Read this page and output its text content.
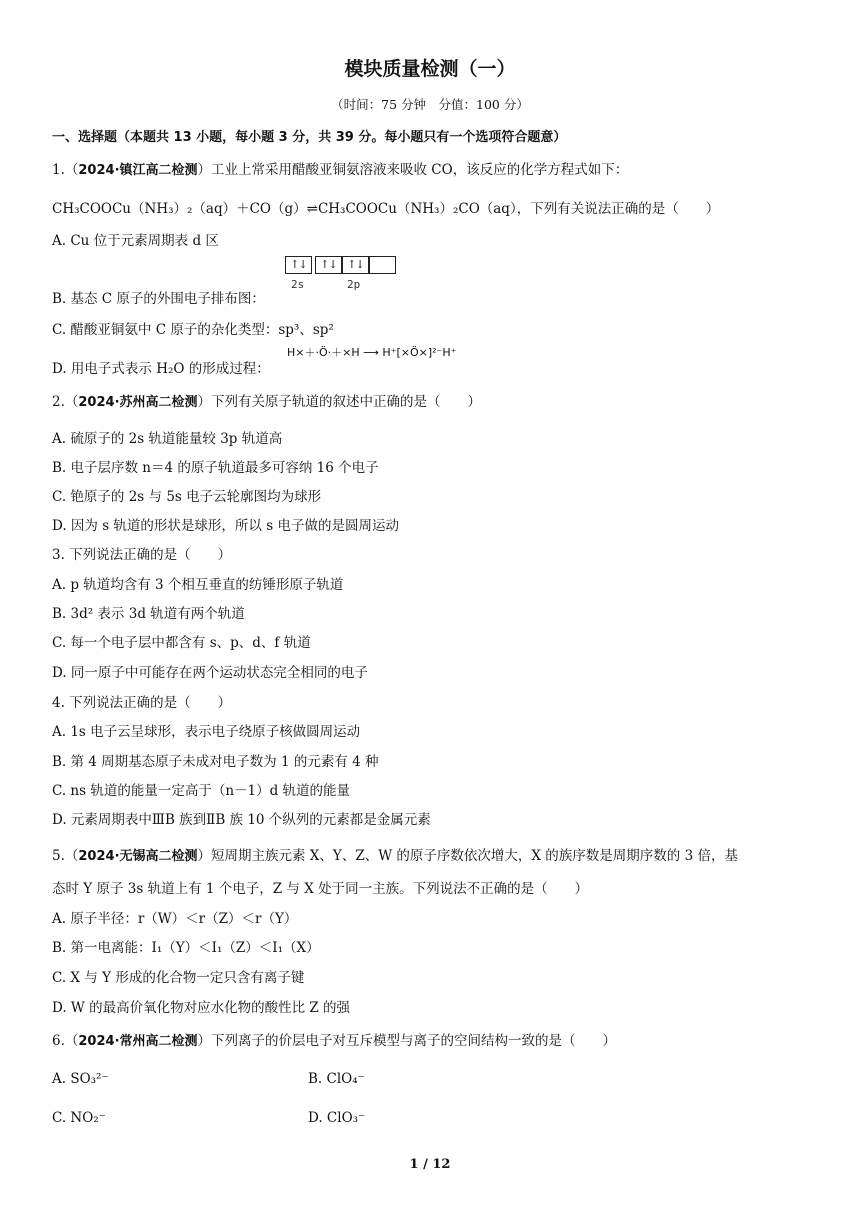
模块质量检测（一）
（时间：75 分钟　分值：100 分）
一、选择题（本题共 13 小题，每小题 3 分，共 39 分。每小题只有一个选项符合题意）
1.（2024·镇江高二检测）工业上常采用醋酸亚铜氨溶液来吸收 CO，该反应的化学方程式如下：
CH₃COOCu（NH₃）₂（aq）＋CO（g）⇌CH₃COOCu（NH₃）₂CO（aq），下列有关说法正确的是（　　）
A. Cu 位于元素周期表 d 区
↑↓	↑↓ ↑↓
2s	2p
B. 基态 C 原子的外围电子排布图：
C. 醋酸亚铜氨中 C 原子的杂化类型：sp³、sp²
H×＋·Ö·＋×H ⟶ H⁺[×Ö×]²⁻H⁺
D. 用电子式表示 H₂O 的形成过程：
2.（2024·苏州高二检测）下列有关原子轨道的叙述中正确的是（　　）
A. 硫原子的 2s 轨道能量较 3p 轨道高
B. 电子层序数 n＝4 的原子轨道最多可容纳 16 个电子
C. 铯原子的 2s 与 5s 电子云轮廓图均为球形
D. 因为 s 轨道的形状是球形，所以 s 电子做的是圆周运动
3. 下列说法正确的是（　　）
A. p 轨道均含有 3 个相互垂直的纺锤形原子轨道
B. 3d² 表示 3d 轨道有两个轨道
C. 每一个电子层中都含有 s、p、d、f 轨道
D. 同一原子中可能存在两个运动状态完全相同的电子
4. 下列说法正确的是（　　）
A. 1s 电子云呈球形，表示电子绕原子核做圆周运动
B. 第 4 周期基态原子未成对电子数为 1 的元素有 4 种
C. ns 轨道的能量一定高于（n－1）d 轨道的能量
D. 元素周期表中ⅢB 族到ⅡB 族 10 个纵列的元素都是金属元素
5.（2024·无锡高二检测）短周期主族元素 X、Y、Z、W 的原子序数依次增大，X 的族序数是周期序数的 3 倍，基
态时 Y 原子 3s 轨道上有 1 个电子，Z 与 X 处于同一主族。下列说法不正确的是（　　）
A. 原子半径：r（W）＜r（Z）＜r（Y）
B. 第一电离能：I₁（Y）＜I₁（Z）＜I₁（X）
C. X 与 Y 形成的化合物一定只含有离子键
D. W 的最高价氧化物对应水化物的酸性比 Z 的强
6.（2024·常州高二检测）下列离子的价层电子对互斥模型与离子的空间结构一致的是（　　）
A. SO₃²⁻	B. ClO₄⁻
C. NO₂⁻	D. ClO₃⁻
1 / 12
